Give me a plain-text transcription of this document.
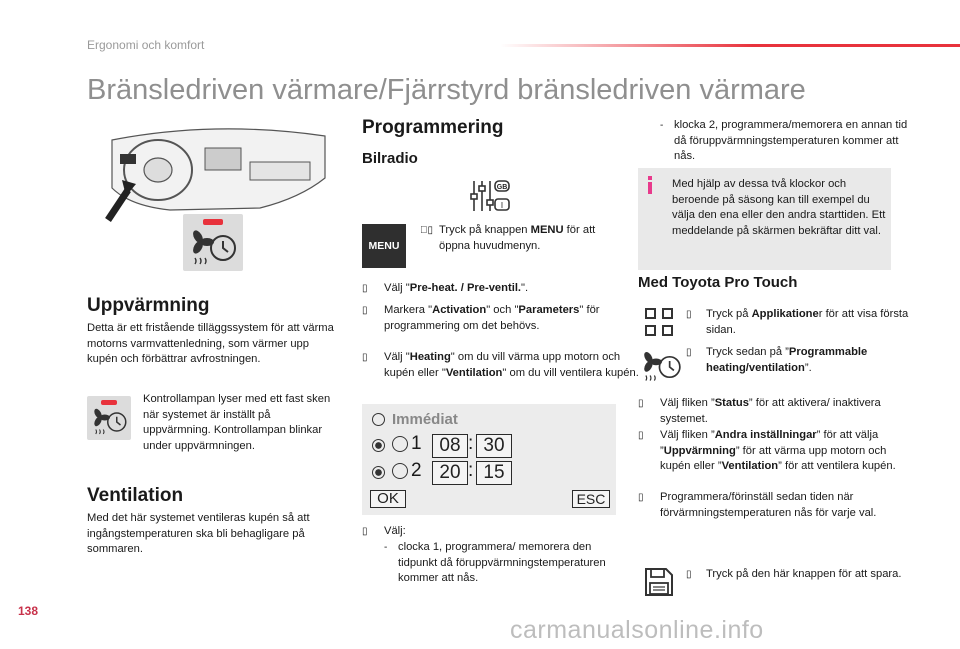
Ergonomi och komfort
Bränsledriven värmare/Fjärrstyrd bränsledriven värmare
Uppvärmning
Detta är ett fristående tilläggssystem för att värma motorns varmvattenledning, som värmer upp kupén och förbättrar avfrostningen.
Kontrollampan lyser med ett fast sken när systemet är inställt på uppvärmning. Kontrollampan blinkar under uppvärmningen.
Ventilation
Med det här systemet ventileras kupén så att ingångstemperaturen ska bli behagligare på sommaren.
Programmering
Bilradio
GB
I
MENU
▯ Tryck på knappen MENU för att öppna huvudmenyn.
▯ Välj "Pre-heat. / Pre-ventil.".
▯ Markera "Activation" och "Parameters" för programmering om det behövs.
▯ Välj "Heating" om du vill värma upp motorn och kupén eller "Ventilation" om du vill ventilera kupén.
Immédiat
1 08 : 30
2 20 : 15
OK	ESC
▯ Välj:
- clocka 1, programmera/ memorera den tidpunkt då föruppvärmningstemperaturen kommer att nås.
- klocka 2, programmera/memorera en annan tid då föruppvärmningstemperaturen kommer att nås.
Med hjälp av dessa två klockor och beroende på säsong kan till exempel du välja den ena eller den andra starttiden. Ett meddelande på skärmen bekräftar ditt val.
Med Toyota Pro Touch
▯ Tryck på Applikationer för att visa första sidan.
▯ Tryck sedan på ”Programmable heating/ventilation”.
▯ Välj fliken ”Status” för att aktivera/ inaktivera systemet.
▯ Välj fliken ”Andra inställningar” för att välja ”Uppvärmning” för att värma upp motorn och kupén eller ”Ventilation” för att ventilera kupén.
▯ Programmera/förinställ sedan tiden när förvärmningstemperaturen nås för varje val.
▯ Tryck på den här knappen för att spara.
138
carmanualsonline.info
